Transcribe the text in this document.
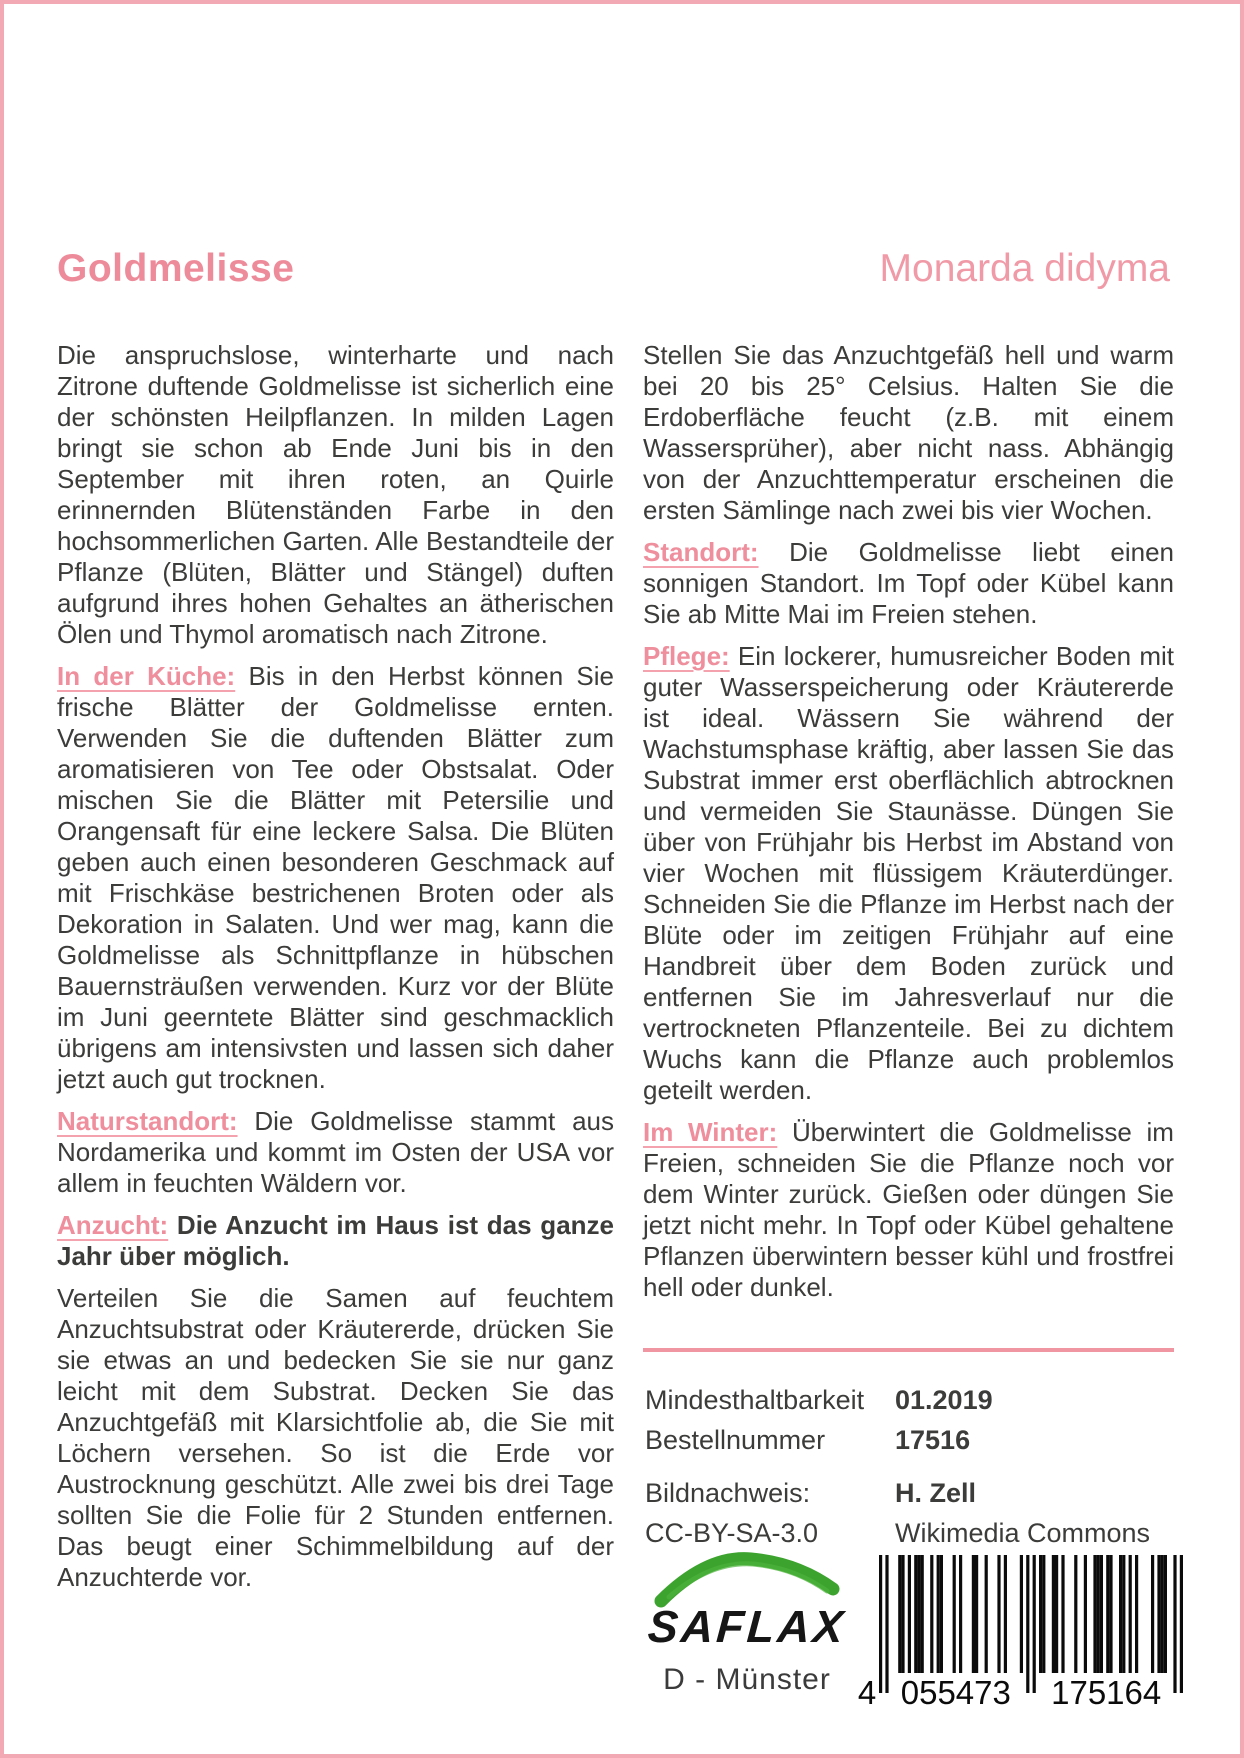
Goldmelisse	Monarda didyma

Die anspruchslose, winterharte und nach Zitrone duftende Goldmelisse ist sicherlich eine der schönsten Heilpflanzen. In milden Lagen bringt sie schon ab Ende Juni bis in den September mit ihren roten, an Quirle erinnernden Blütenständen Farbe in den hochsommerlichen Garten. Alle Bestandteile der Pflanze (Blüten, Blätter und Stängel) duften aufgrund ihres hohen Gehaltes an ätherischen Ölen und Thymol aromatisch nach Zitrone.

In der Küche: Bis in den Herbst können Sie frische Blätter der Goldmelisse ernten. Verwenden Sie die duftenden Blätter zum aromatisieren von Tee oder Obstsalat. Oder mischen Sie die Blätter mit Petersilie und Orangensaft für eine leckere Salsa. Die Blüten geben auch einen besonderen Geschmack auf mit Frischkäse bestrichenen Broten oder als Dekoration in Salaten. Und wer mag, kann die Goldmelisse als Schnittpflanze in hübschen Bauernsträußen verwenden. Kurz vor der Blüte im Juni geerntete Blätter sind geschmacklich übrigens am intensivsten und lassen sich daher jetzt auch gut trocknen.

Naturstandort: Die Goldmelisse stammt aus Nordamerika und kommt im Osten der USA vor allem in feuchten Wäldern vor.

Anzucht: Die Anzucht im Haus ist das ganze Jahr über möglich.

Verteilen Sie die Samen auf feuchtem Anzuchtsubstrat oder Kräutererde, drücken Sie sie etwas an und bedecken Sie sie nur ganz leicht mit dem Substrat. Decken Sie das Anzuchtgefäß mit Klarsichtfolie ab, die Sie mit Löchern versehen. So ist die Erde vor Austrocknung geschützt. Alle zwei bis drei Tage sollten Sie die Folie für 2 Stunden entfernen. Das beugt einer Schimmelbildung auf der Anzuchterde vor.

Stellen Sie das Anzuchtgefäß hell und warm bei 20 bis 25° Celsius. Halten Sie die Erdoberfläche feucht (z.B. mit einem Wassersprüher), aber nicht nass. Abhängig von der Anzuchttemperatur erscheinen die ersten Sämlinge nach zwei bis vier Wochen.

Standort: Die Goldmelisse liebt einen sonnigen Standort. Im Topf oder Kübel kann Sie ab Mitte Mai im Freien stehen.

Pflege: Ein lockerer, humusreicher Boden mit guter Wasserspeicherung oder Kräutererde ist ideal. Wässern Sie während der Wachstumsphase kräftig, aber lassen Sie das Substrat immer erst oberflächlich abtrocknen und vermeiden Sie Staunässe. Düngen Sie über von Frühjahr bis Herbst im Abstand von vier Wochen mit flüssigem Kräuterdünger. Schneiden Sie die Pflanze im Herbst nach der Blüte oder im zeitigen Frühjahr auf eine Handbreit über dem Boden zurück und entfernen Sie im Jahresverlauf nur die vertrockneten Pflanzenteile. Bei zu dichtem Wuchs kann die Pflanze auch problemlos geteilt werden.

Im Winter: Überwintert die Goldmelisse im Freien, schneiden Sie die Pflanze noch vor dem Winter zurück. Gießen oder düngen Sie jetzt nicht mehr. In Topf oder Kübel gehaltene Pflanzen überwintern besser kühl und frostfrei hell oder dunkel.

Mindesthaltbarkeit	01.2019
Bestellnummer	17516
Bildnachweis:	H. Zell
CC-BY-SA-3.0	Wikimedia Commons
SAFLAX
D - Münster 4 055473 175164
